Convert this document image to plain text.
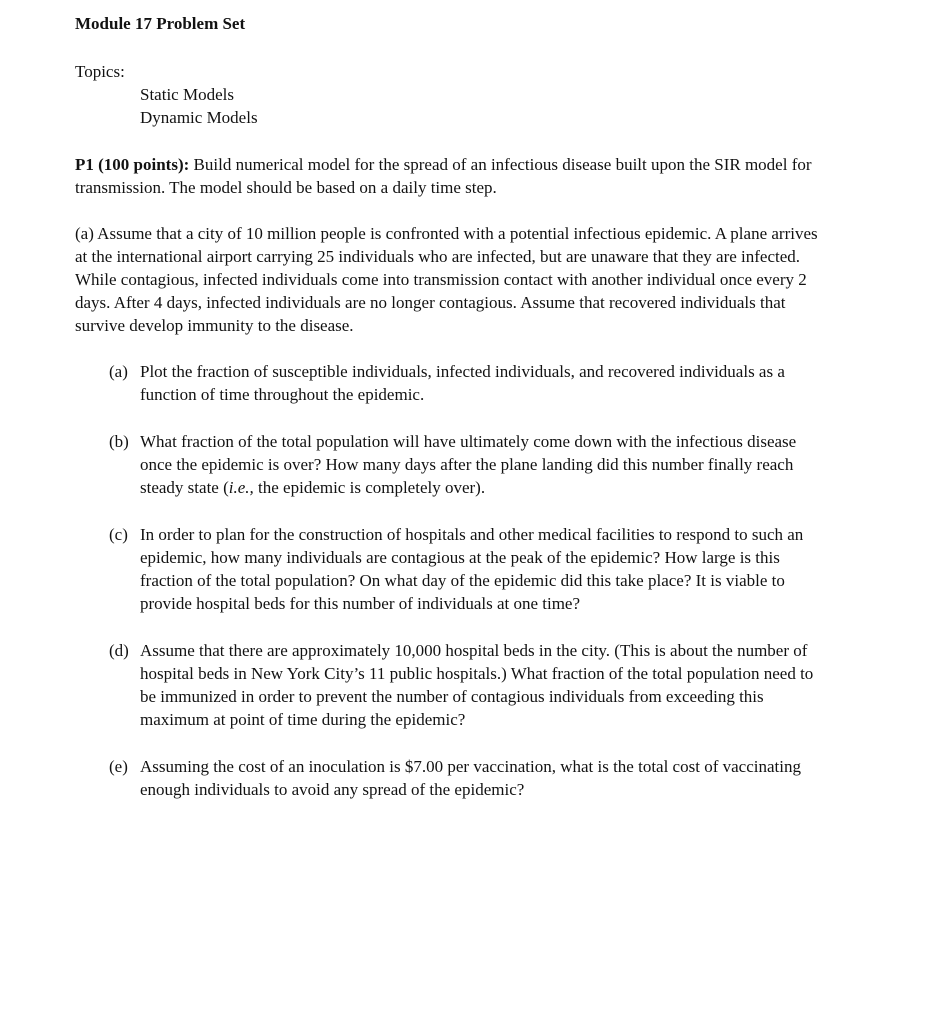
Module 17 Problem Set
Topics:
Static Models
Dynamic Models
P1 (100 points): Build numerical model for the spread of an infectious disease built upon the SIR model for transmission. The model should be based on a daily time step.
(a) Assume that a city of 10 million people is confronted with a potential infectious epidemic. A plane arrives at the international airport carrying 25 individuals who are infected, but are unaware that they are infected. While contagious, infected individuals come into transmission contact with another individual once every 2 days. After 4 days, infected individuals are no longer contagious. Assume that recovered individuals that survive develop immunity to the disease.
(a) Plot the fraction of susceptible individuals, infected individuals, and recovered individuals as a function of time throughout the epidemic.
(b) What fraction of the total population will have ultimately come down with the infectious disease once the epidemic is over? How many days after the plane landing did this number finally reach steady state (i.e., the epidemic is completely over).
(c) In order to plan for the construction of hospitals and other medical facilities to respond to such an epidemic, how many individuals are contagious at the peak of the epidemic? How large is this fraction of the total population? On what day of the epidemic did this take place? It is viable to provide hospital beds for this number of individuals at one time?
(d) Assume that there are approximately 10,000 hospital beds in the city. (This is about the number of hospital beds in New York City’s 11 public hospitals.) What fraction of the total population need to be immunized in order to prevent the number of contagious individuals from exceeding this maximum at point of time during the epidemic?
(e) Assuming the cost of an inoculation is $7.00 per vaccination, what is the total cost of vaccinating enough individuals to avoid any spread of the epidemic?
